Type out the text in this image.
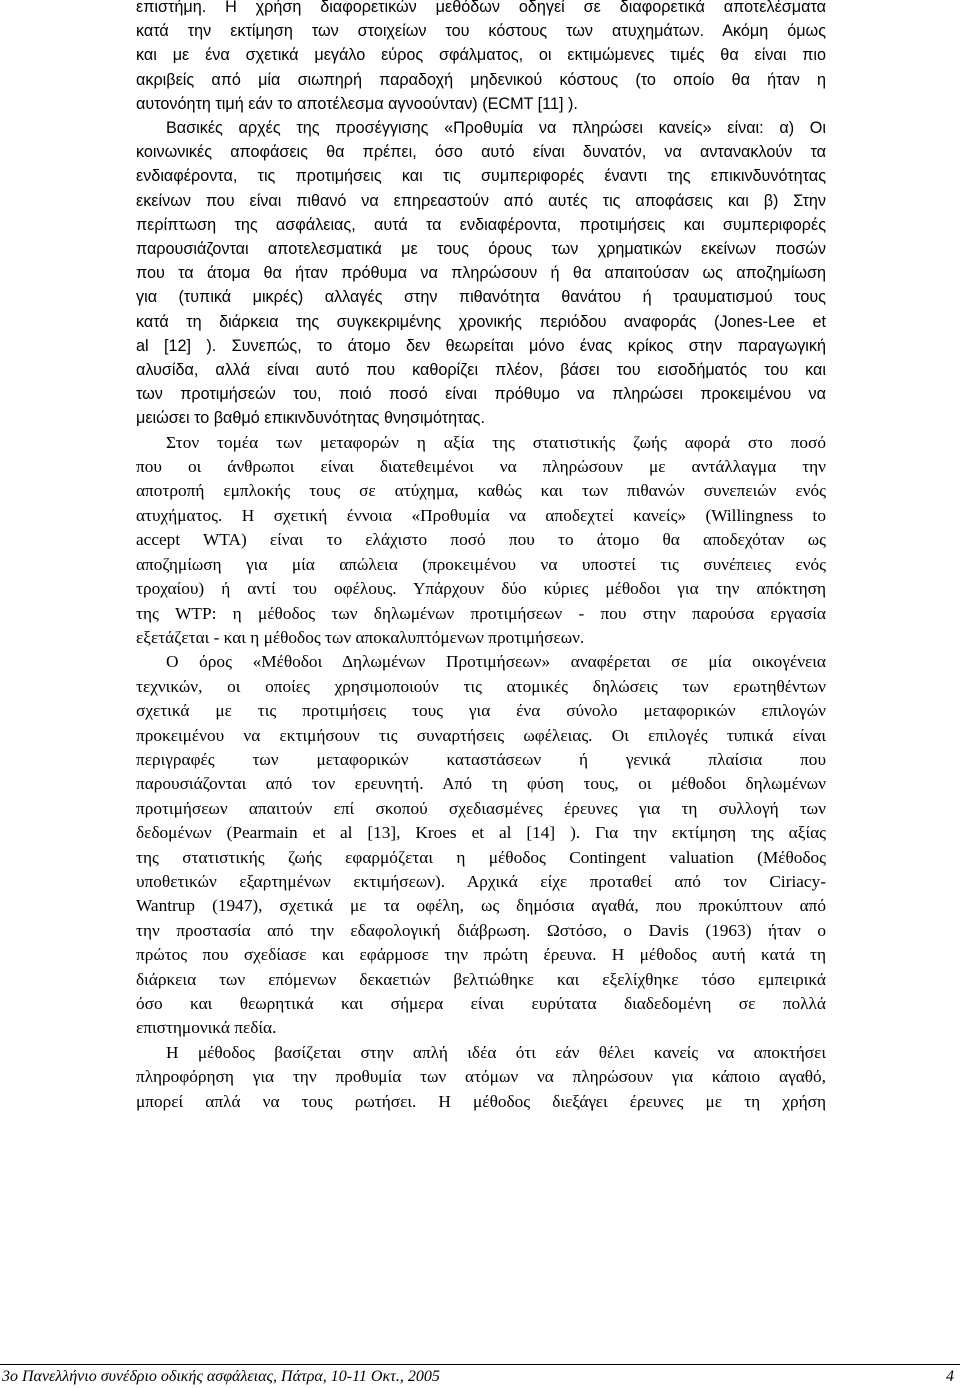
επιστήμη. Η χρήση διαφορετικών μεθόδων οδηγεί σε διαφορετικά αποτελέσματα
κατά την εκτίμηση των στοιχείων του κόστους των ατυχημάτων. Ακόμη όμως
και με ένα σχετικά μεγάλο εύρος σφάλματος, οι εκτιμώμενες τιμές θα είναι πιο
ακριβείς από μία σιωπηρή παραδοχή μηδενικού κόστους (το οποίο θα ήταν η
αυτονόητη τιμή εάν το αποτέλεσμα αγνοούνταν) (ECMT [11] ).
Βασικές αρχές της προσέγγισης «Προθυμία να πληρώσει κανείς» είναι: α) Οι
κοινωνικές αποφάσεις θα πρέπει, όσο αυτό είναι δυνατόν, να αντανακλούν τα
ενδιαφέροντα, τις προτιμήσεις και τις συμπεριφορές έναντι της επικινδυνότητας
εκείνων που είναι πιθανό να επηρεαστούν από αυτές τις αποφάσεις και β) Στην
περίπτωση της ασφάλειας, αυτά τα ενδιαφέροντα, προτιμήσεις και συμπεριφορές
παρουσιάζονται αποτελεσματικά με τους όρους των χρηματικών εκείνων ποσών
που τα άτομα θα ήταν πρόθυμα να πληρώσουν ή θα απαιτούσαν ως αποζημίωση
για (τυπικά μικρές) αλλαγές στην πιθανότητα θανάτου ή τραυματισμού τους
κατά τη διάρκεια της συγκεκριμένης χρονικής περιόδου αναφοράς (Jones-Lee et
al [12] ). Συνεπώς, το άτομο δεν θεωρείται μόνο ένας κρίκος στην παραγωγική
αλυσίδα, αλλά είναι αυτό που καθορίζει πλέον, βάσει του εισοδήματός του και
των προτιμήσεών του, ποιό ποσό είναι πρόθυμο να πληρώσει προκειμένου να
μειώσει το βαθμό επικινδυνότητας θνησιμότητας.
Στον τομέα των μεταφορών η αξία της στατιστικής ζωής αφορά στο ποσό
που οι άνθρωποι είναι διατεθειμένοι να πληρώσουν με αντάλλαγμα την
αποτροπή εμπλοκής τους σε ατύχημα, καθώς και των πιθανών συνεπειών ενός
ατυχήματος. Η σχετική έννοια «Προθυμία να αποδεχτεί κανείς» (Willingness to
accept WTA) είναι το ελάχιστο ποσό που το άτομο θα αποδεχόταν ως
αποζημίωση για μία απώλεια (προκειμένου να υποστεί τις συνέπειες ενός
τροχαίου) ή αντί του οφέλους. Υπάρχουν δύο κύριες μέθοδοι για την απόκτηση
της WTP: η μέθοδος των δηλωμένων προτιμήσεων - που στην παρούσα εργασία
εξετάζεται - και η μέθοδος των αποκαλυπτόμενων προτιμήσεων.
Ο όρος «Μέθοδοι Δηλωμένων Προτιμήσεων» αναφέρεται σε μία οικογένεια
τεχνικών, οι οποίες χρησιμοποιούν τις ατομικές δηλώσεις των ερωτηθέντων
σχετικά με τις προτιμήσεις τους για ένα σύνολο μεταφορικών επιλογών
προκειμένου να εκτιμήσουν τις συναρτήσεις ωφέλειας. Οι επιλογές τυπικά είναι
περιγραφές των μεταφορικών καταστάσεων ή γενικά πλαίσια που
παρουσιάζονται από τον ερευνητή. Από τη φύση τους, οι μέθοδοι δηλωμένων
προτιμήσεων απαιτούν επί σκοπού σχεδιασμένες έρευνες για τη συλλογή των
δεδομένων (Pearmain et al [13], Kroes et al [14] ). Για την εκτίμηση της αξίας
της στατιστικής ζωής εφαρμόζεται η μέθοδος Contingent valuation (Μέθοδος
υποθετικών εξαρτημένων εκτιμήσεων). Αρχικά είχε προταθεί από τον Ciriacy-
Wantrup (1947), σχετικά με τα οφέλη, ως δημόσια αγαθά, που προκύπτουν από
την προστασία από την εδαφολογική διάβρωση. Ωστόσο, ο Davis (1963) ήταν ο
πρώτος που σχεδίασε και εφάρμοσε την πρώτη έρευνα. Η μέθοδος αυτή κατά τη
διάρκεια των επόμενων δεκαετιών βελτιώθηκε και εξελίχθηκε τόσο εμπειρικά
όσο και θεωρητικά και σήμερα είναι ευρύτατα διαδεδομένη σε πολλά
επιστημονικά πεδία.
Η μέθοδος βασίζεται στην απλή ιδέα ότι εάν θέλει κανείς να αποκτήσει
πληροφόρηση για την προθυμία των ατόμων να πληρώσουν για κάποιο αγαθό,
μπορεί απλά να τους ρωτήσει. Η μέθοδος διεξάγει έρευνες με τη χρήση
3ο Πανελλήνιο συνέδριο οδικής ασφάλειας, Πάτρα, 10-11 Οκτ., 2005	4
